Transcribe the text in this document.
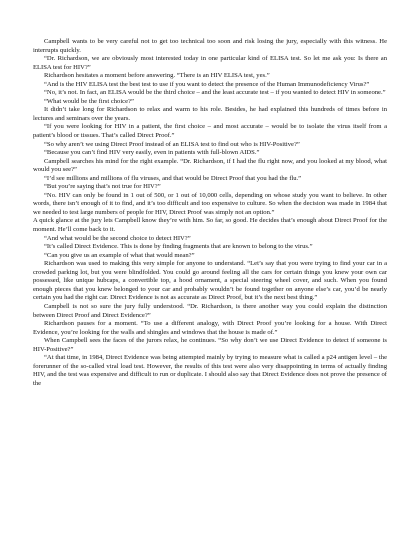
Campbell wants to be very careful not to get too technical too soon and risk losing the jury, especially with this witness. He interrupts quickly.

“Dr. Richardson, we are obviously most interested today in one particular kind of ELISA test. So let me ask you: Is there an ELISA test for HIV?”

Richardson hesitates a moment before answering. “There is an HIV ELISA test, yes.”

“And is the HIV ELISA test the best test to use if you want to detect the presence of the Human Immunodeficiency Virus?”

“No, it’s not. In fact, an ELISA would be the third choice – and the least accurate test – if you wanted to detect HIV in someone.”

“What would be the first choice?”

It didn’t take long for Richardson to relax and warm to his role. Besides, he had explained this hundreds of times before in lectures and seminars over the years.

“If you were looking for HIV in a patient, the first choice – and most accurate – would be to isolate the virus itself from a patient’s blood or tissues. That’s called Direct Proof.”

“So why aren’t we using Direct Proof instead of an ELISA test to find out who is HIV-Positive?”

“Because you can’t find HIV very easily, even in patients with full-blown AIDS.”

Campbell searches his mind for the right example. “Dr. Richardson, if I had the flu right now, and you looked at my blood, what would you see?”

“I’d see millions and millions of flu viruses, and that would be Direct Proof that you had the flu.”

“But you’re saying that’s not true for HIV?”

“No. HIV can only be found in 1 out of 500, or 1 out of 10,000 cells, depending on whose study you want to believe. In other words, there isn’t enough of it to find, and it’s too difficult and too expensive to culture. So when the decision was made in 1984 that we needed to test large numbers of people for HIV, Direct Proof was simply not an option.”

A quick glance at the jury lets Campbell know they’re with him. So far, so good. He decides that’s enough about Direct Proof for the moment. He’ll come back to it.

“And what would be the second choice to detect HIV?”

“It’s called Direct Evidence. This is done by finding fragments that are known to belong to the virus.”

“Can you give us an example of what that would mean?”

Richardson was used to making this very simple for anyone to understand. “Let’s say that you were trying to find your car in a crowded parking lot, but you were blindfolded. You could go around feeling all the cars for certain things you knew your own car possessed, like unique hubcaps, a convertible top, a hood ornament, a special steering wheel cover, and such. When you found enough pieces that you knew belonged to your car and probably wouldn’t be found together on anyone else’s car, you’d be nearly certain you had the right car. Direct Evidence is not as accurate as Direct Proof, but it’s the next best thing.”

Campbell is not so sure the jury fully understood. “Dr. Richardson, is there another way you could explain the distinction between Direct Proof and Direct Evidence?”

Richardson pauses for a moment. “To use a different analogy, with Direct Proof you’re looking for a house. With Direct Evidence, you’re looking for the walls and shingles and windows that the house is made of.”

When Campbell sees the faces of the jurors relax, he continues. “So why don’t we use Direct Evidence to detect if someone is HIV-Positive?”

“At that time, in 1984, Direct Evidence was being attempted mainly by trying to measure what is called a p24 antigen level – the forerunner of the so-called viral load test. However, the results of this test were also very disappointing in terms of actually finding HIV, and the test was expensive and difficult to run or duplicate. I should also say that Direct Evidence does not prove the presence of the
